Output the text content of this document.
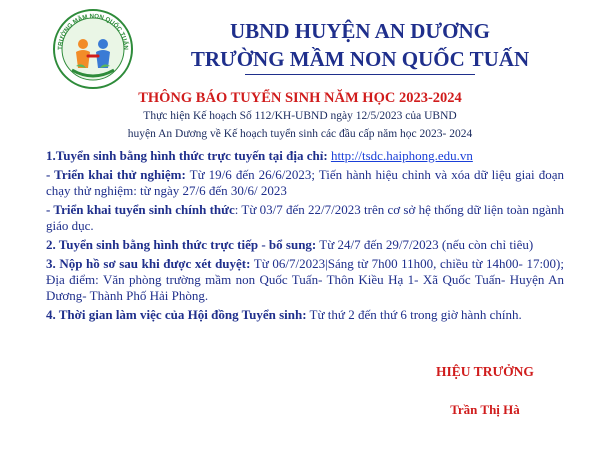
TRƯỜNG MẦM NON QUỐC TUẤN
UBND HUYỆN AN DƯƠNG
TRƯỜNG MẦM NON QUỐC TUẤN
THÔNG BÁO TUYỂN SINH NĂM HỌC 2023-2024
Thực hiện Kế hoạch Số 112/KH-UBND ngày 12/5/2023 của UBND
huyện An Dương về Kế hoạch tuyển sinh các đầu cấp năm học 2023- 2024

1.Tuyển sinh bằng hình thức trực tuyến tại địa chỉ: http://tsdc.haiphong.edu.vn

- Triển khai thử nghiệm: Từ 19/6 đến 26/6/2023; Tiến hành hiệu chỉnh và xóa dữ liệu giai đoạn chạy thử nghiệm: từ ngày 27/6 đến 30/6/ 2023

- Triển khai tuyển sinh chính thức: Từ 03/7 đến 22/7/2023 trên cơ sở hệ thống dữ liện toàn ngành giáo dục.

2. Tuyển sinh bằng hình thức trực tiếp - bổ sung: Từ 24/7 đến 29/7/2023 (nếu còn chỉ tiêu)

3. Nộp hồ sơ sau khi được xét duyệt: Từ 06/7/2023|Sáng từ 7h00 11h00, chiều từ 14h00- 17:00); Địa điểm: Văn phòng trường mầm non Quốc Tuấn- Thôn Kiều Hạ 1- Xã Quốc Tuấn- Huyện An Dương- Thành Phố Hải Phòng.

4. Thời gian làm việc của Hội đồng Tuyển sinh: Từ thứ 2 đến thứ 6 trong giờ hành chính.

HIỆU TRƯỞNG
Trần Thị Hà
